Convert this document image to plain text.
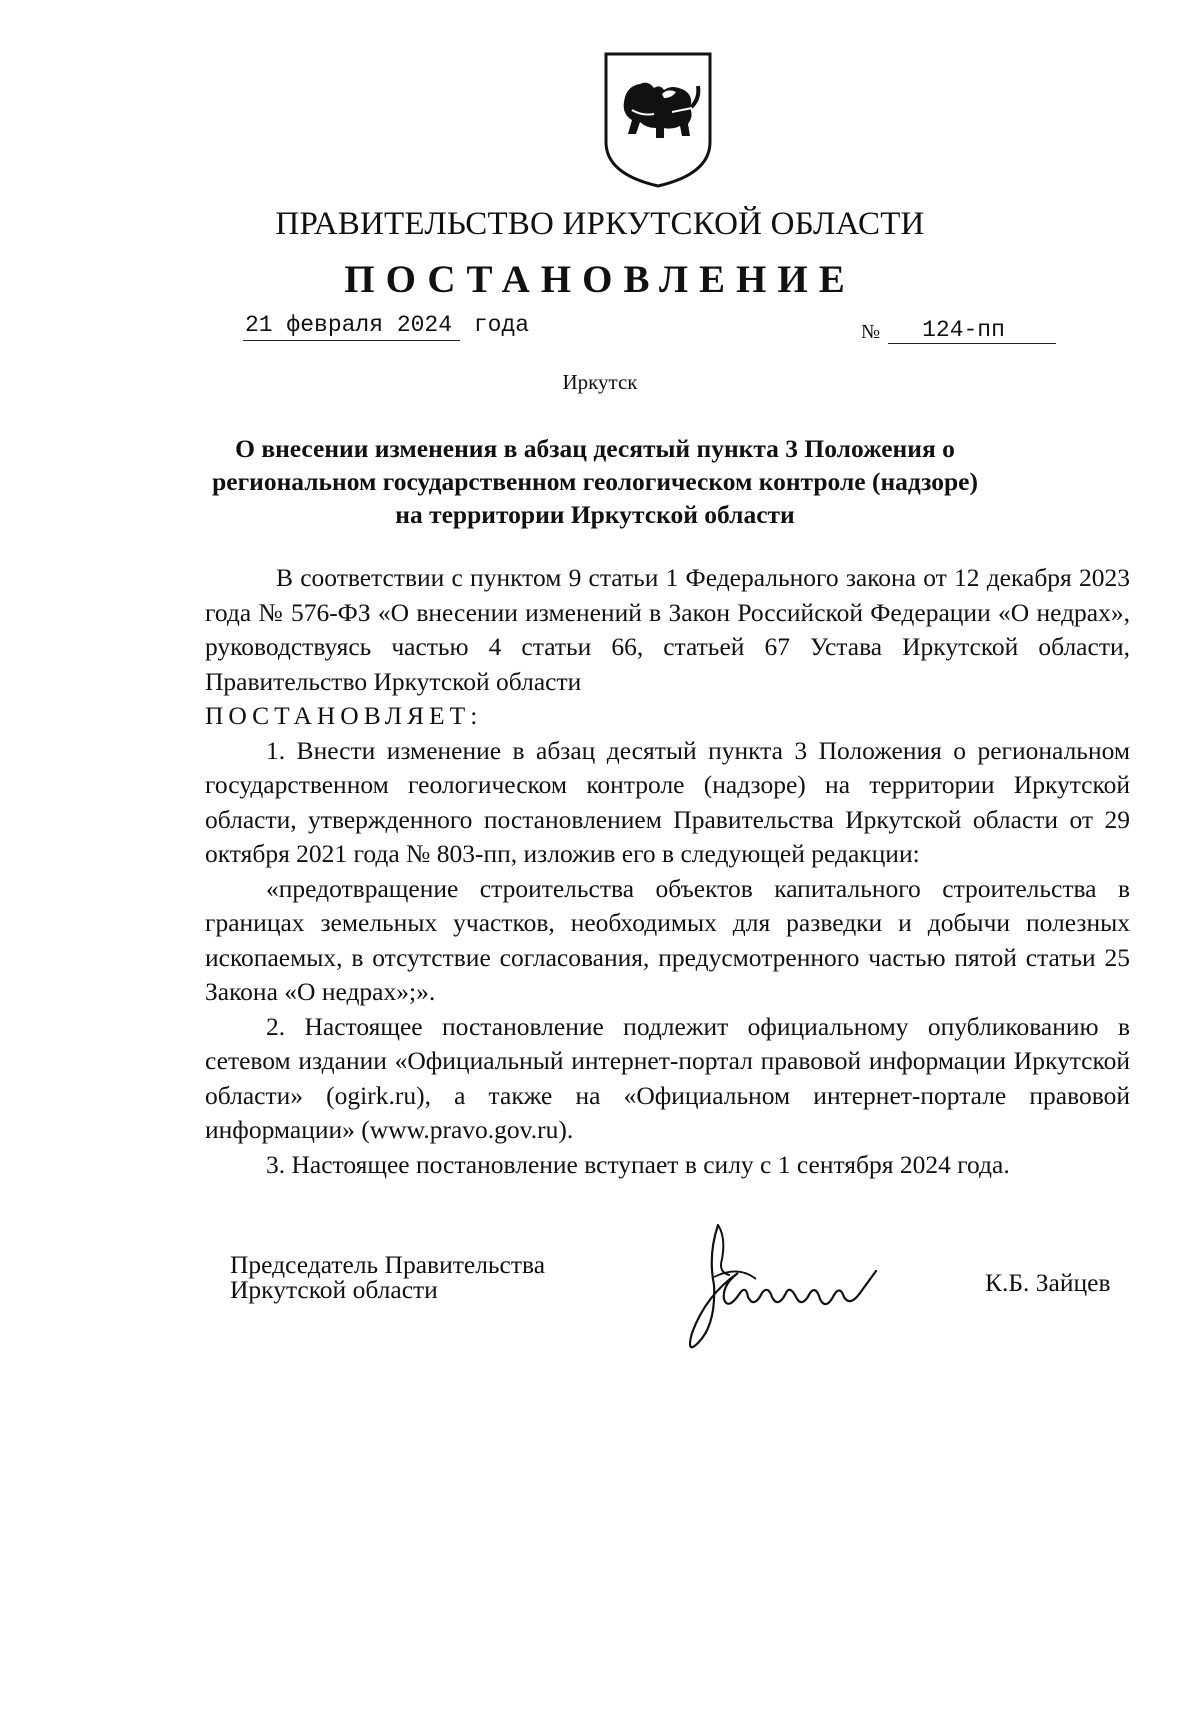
ПРАВИТЕЛЬСТВО ИРКУТСКОЙ ОБЛАСТИ
ПОСТАНОВЛЕНИЕ
21 февраля 2024 года	№ 124-пп
Иркутск
О внесении изменения в абзац десятый пункта 3 Положения о региональном государственном геологическом контроле (надзоре) на территории Иркутской области

В соответствии с пунктом 9 статьи 1 Федерального закона от 12 декабря 2023 года № 576-ФЗ «О внесении изменений в Закон Российской Федерации «О недрах», руководствуясь частью 4 статьи 66, статьей 67 Устава Иркутской области, Правительство Иркутской области

ПОСТАНОВЛЯЕТ:

1. Внести изменение в абзац десятый пункта 3 Положения о региональном государственном геологическом контроле (надзоре) на территории Иркутской области, утвержденного постановлением Правительства Иркутской области от 29 октября 2021 года № 803-пп, изложив его в следующей редакции:

«предотвращение строительства объектов капитального строительства в границах земельных участков, необходимых для разведки и добычи полезных ископаемых, в отсутствие согласования, предусмотренного частью пятой статьи 25 Закона «О недрах»;».

2. Настоящее постановление подлежит официальному опубликованию в сетевом издании «Официальный интернет-портал правовой информации Иркутской области» (ogirk.ru), а также на «Официальном интернет-портале правовой информации» (www.pravo.gov.ru).

3. Настоящее постановление вступает в силу с 1 сентября 2024 года.

Председатель Правительства
Иркутской области	К.Б. Зайцев
